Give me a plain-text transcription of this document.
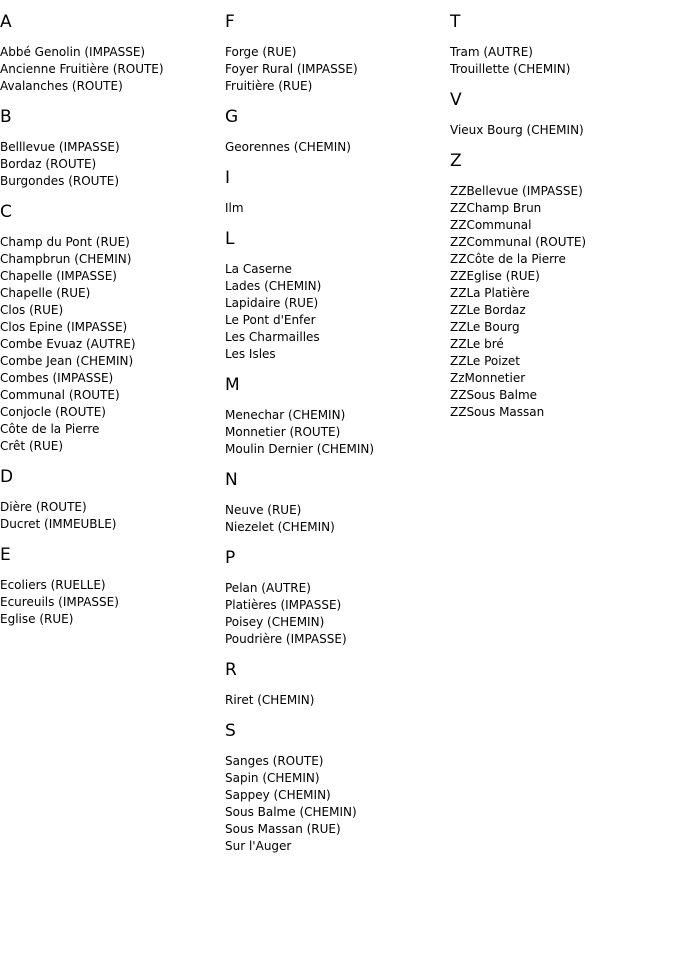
A
Abbé Genolin (IMPASSE)
Ancienne Fruitière (ROUTE)
Avalanches (ROUTE)
B
Belllevue (IMPASSE)
Bordaz (ROUTE)
Burgondes (ROUTE)
C
Champ du Pont (RUE)
Champbrun (CHEMIN)
Chapelle (IMPASSE)
Chapelle (RUE)
Clos (RUE)
Clos Epine (IMPASSE)
Combe Evuaz (AUTRE)
Combe Jean (CHEMIN)
Combes (IMPASSE)
Communal (ROUTE)
Conjocle (ROUTE)
Côte de la Pierre
Crêt (RUE)
D
Dière (ROUTE)
Ducret (IMMEUBLE)
E
Ecoliers (RUELLE)
Ecureuils (IMPASSE)
Eglise (RUE)
F
Forge (RUE)
Foyer Rural (IMPASSE)
Fruitière (RUE)
G
Georennes (CHEMIN)
I
Ilm
L
La Caserne
Lades (CHEMIN)
Lapidaire (RUE)
Le Pont d'Enfer
Les Charmailles
Les Isles
M
Menechar (CHEMIN)
Monnetier (ROUTE)
Moulin Dernier (CHEMIN)
N
Neuve (RUE)
Niezelet (CHEMIN)
P
Pelan (AUTRE)
Platières (IMPASSE)
Poisey (CHEMIN)
Poudrière (IMPASSE)
R
Riret (CHEMIN)
S
Sanges (ROUTE)
Sapin (CHEMIN)
Sappey (CHEMIN)
Sous Balme (CHEMIN)
Sous Massan (RUE)
Sur l'Auger
T
Tram (AUTRE)
Trouillette (CHEMIN)
V
Vieux Bourg (CHEMIN)
Z
ZZBellevue (IMPASSE)
ZZChamp Brun
ZZCommunal
ZZCommunal (ROUTE)
ZZCôte de la Pierre
ZZEglise (RUE)
ZZLa Platière
ZZLe Bordaz
ZZLe Bourg
ZZLe bré
ZZLe Poizet
ZzMonnetier
ZZSous Balme
ZZSous Massan
